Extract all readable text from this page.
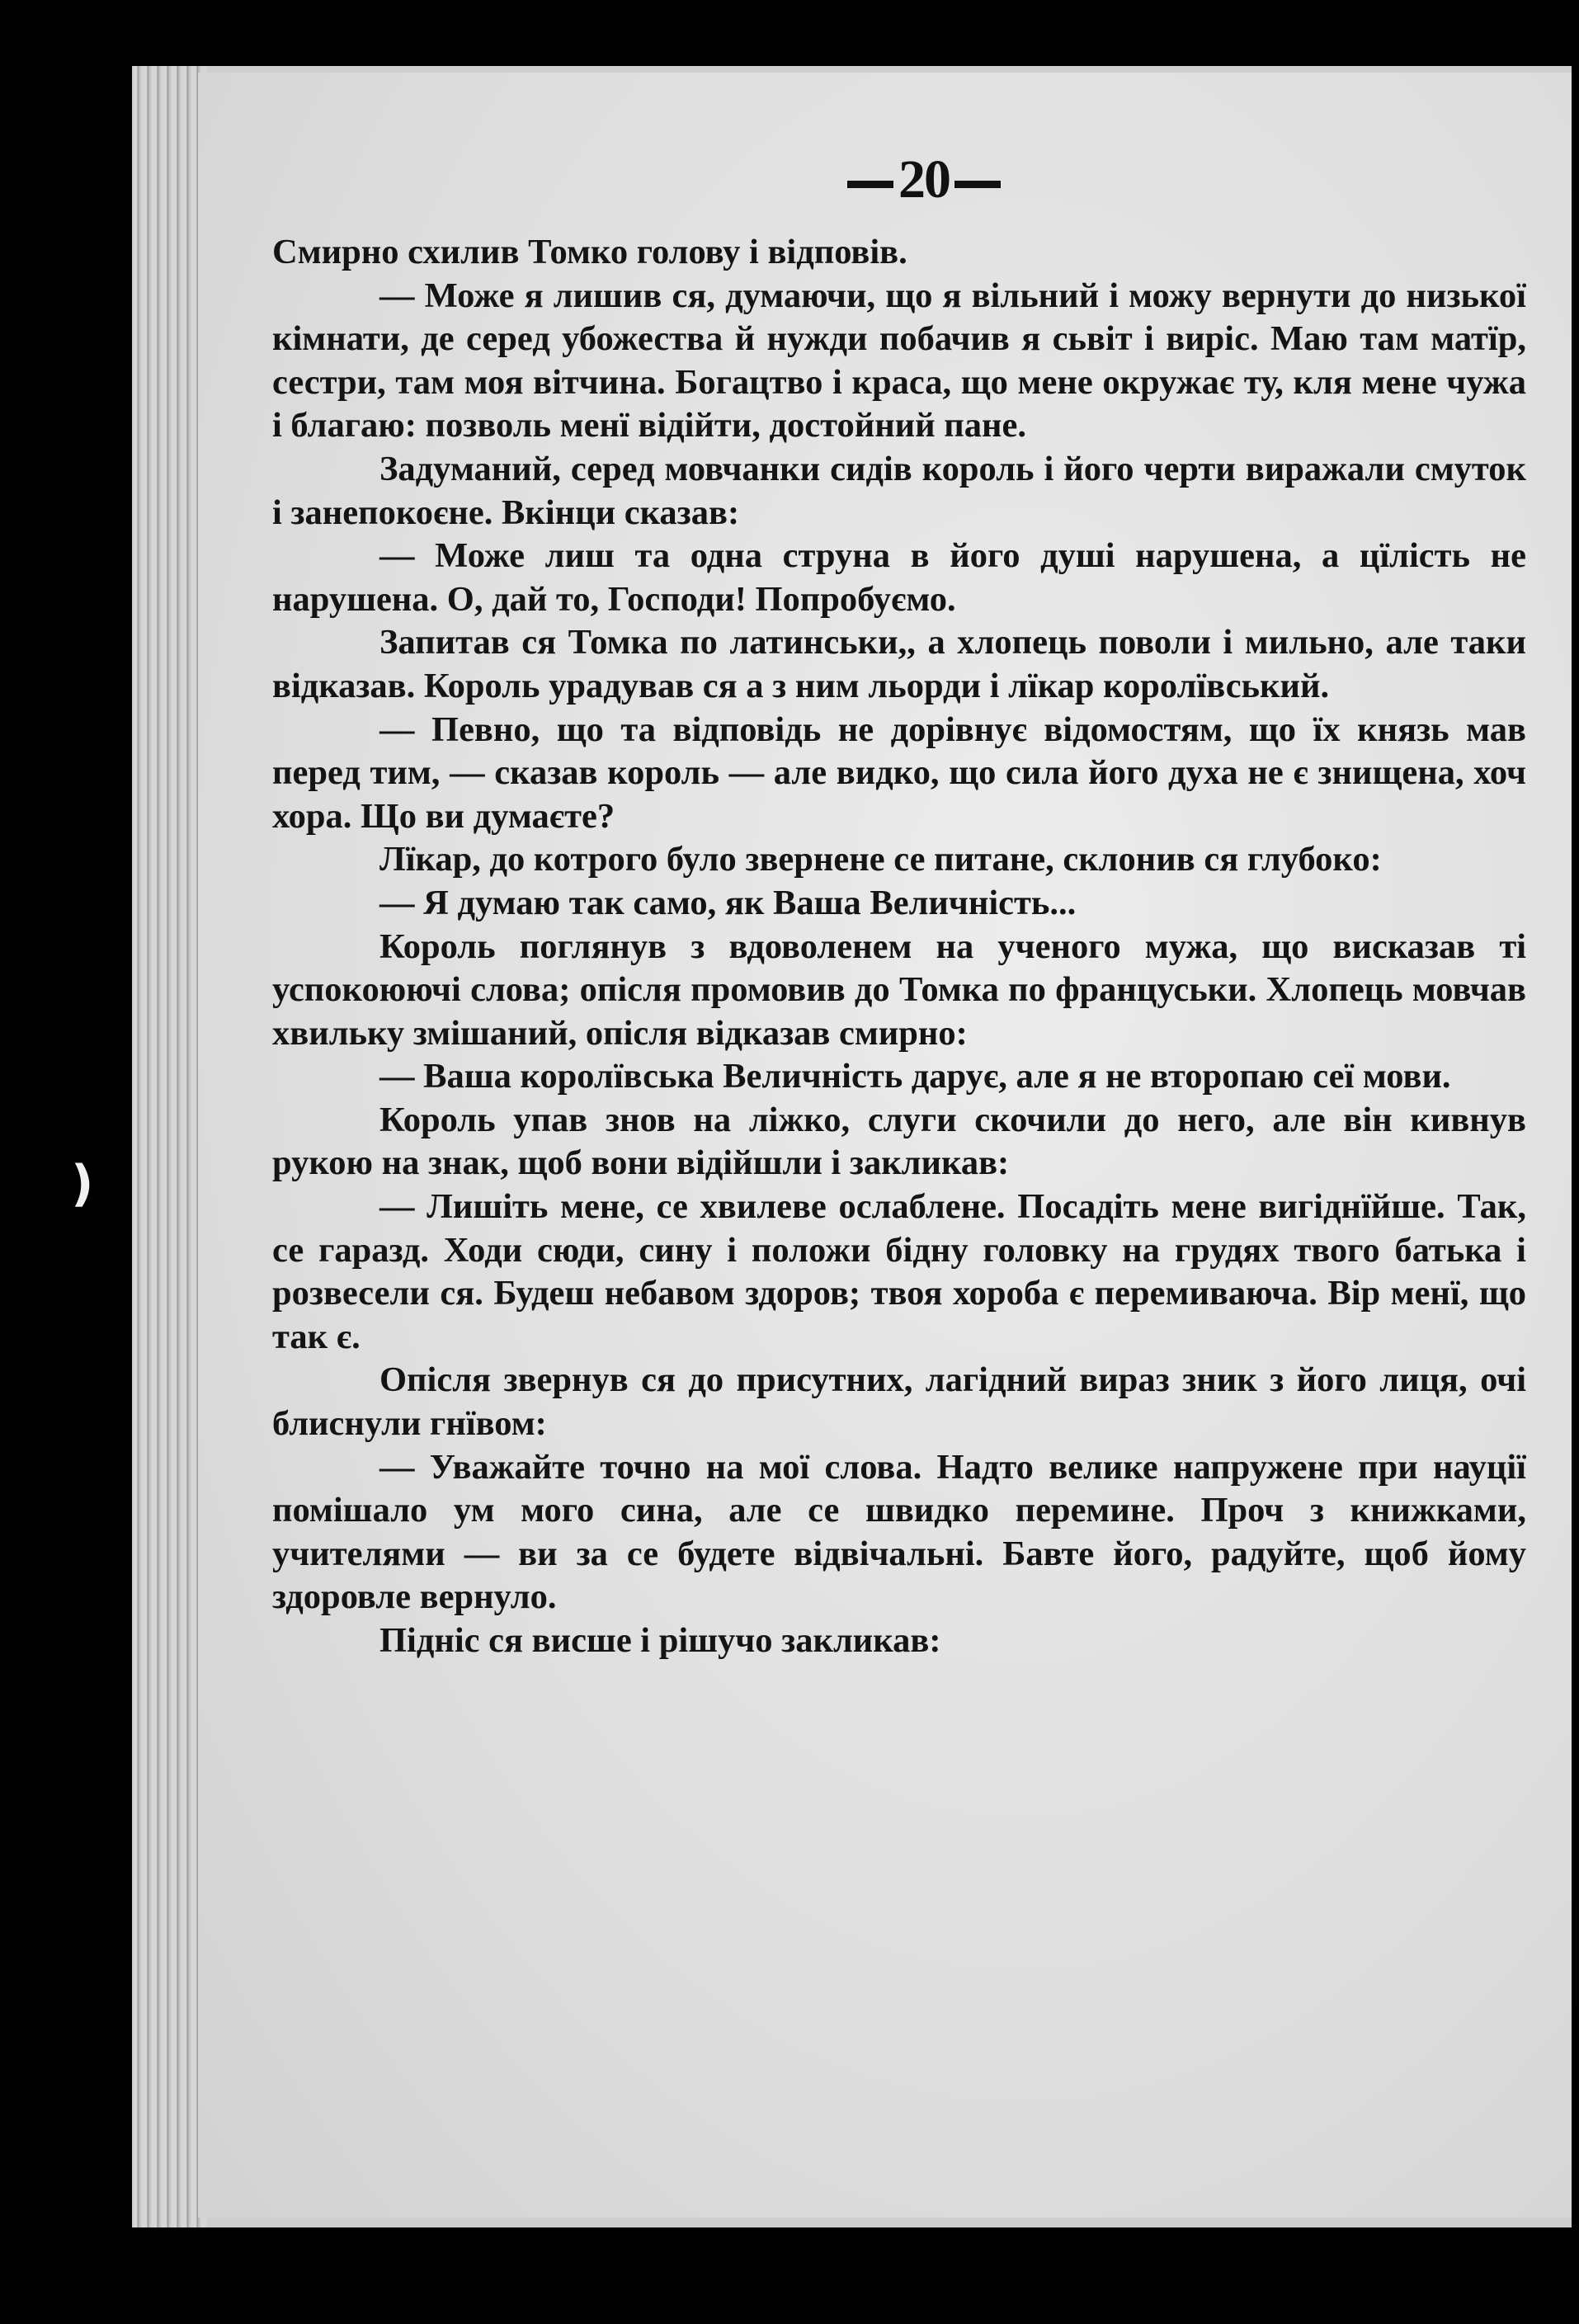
)
20

Смирно схилив Томко голову і відповів.

— Може я лишив ся, думаючи, що я вільний і можу вернути до низької кімнати, де серед убожества й нужди побачив я сьвіт і виріс. Маю там матїр, сестри, там моя вітчина. Богацтво і краса, що мене окружає ту, кля мене чужа і благаю: позволь менї відійти, достойний пане.

Задуманий, серед мовчанки сидів король і його черти виражали смуток і занепокоєне. Вкінци сказав:

— Може лиш та одна струна в його душі нарушена, а цїлість не нарушена. О, дай то, Господи! Попробуємо.

Запитав ся Томка по латинськи,, а хлопець поволи і мильно, але таки відказав. Король урадував ся а з ним льорди і лїкар королївський.

— Певно, що та відповідь не дорівнує відомостям, що їх князь мав перед тим, — сказав король — але видко, що сила його духа не є знищена, хоч хора. Що ви думаєте?

Лїкар, до котрого було звернене се питане, склонив ся глубоко:

— Я думаю так само, як Ваша Величність...

Король поглянув з вдоволенем на ученого мужа, що висказав ті успокоюючі слова; опісля промовив до Томка по француськи. Хлопець мовчав хвильку змішаний, опісля відказав смирно:

— Ваша королївська Величність дарує, але я не второпаю сеї мови.

Король упав знов на ліжко, слуги скочили до него, але він кивнув рукою на знак, щоб вони відійшли і закликав:

— Лишіть мене, се хвилеве ослаблене. Посадіть мене вигіднїйше. Так, се гаразд. Ходи сюди, сину і положи бідну головку на грудях твого батька і розвесели ся. Будеш небавом здоров; твоя хороба є перемиваюча. Вір менї, що так є.

Опісля звернув ся до присутних, лагідний вираз зник з його лиця, очі блиснули гнївом:

— Уважайте точно на мої слова. Надто велике напружене при науції помішало ум мого сина, але се швидко перемине. Проч з книжками, учителями — ви за се будете відвічальні. Бавте його, радуйте, щоб йому здоровле вернуло.

Підніс ся висше і рішучо закликав:
